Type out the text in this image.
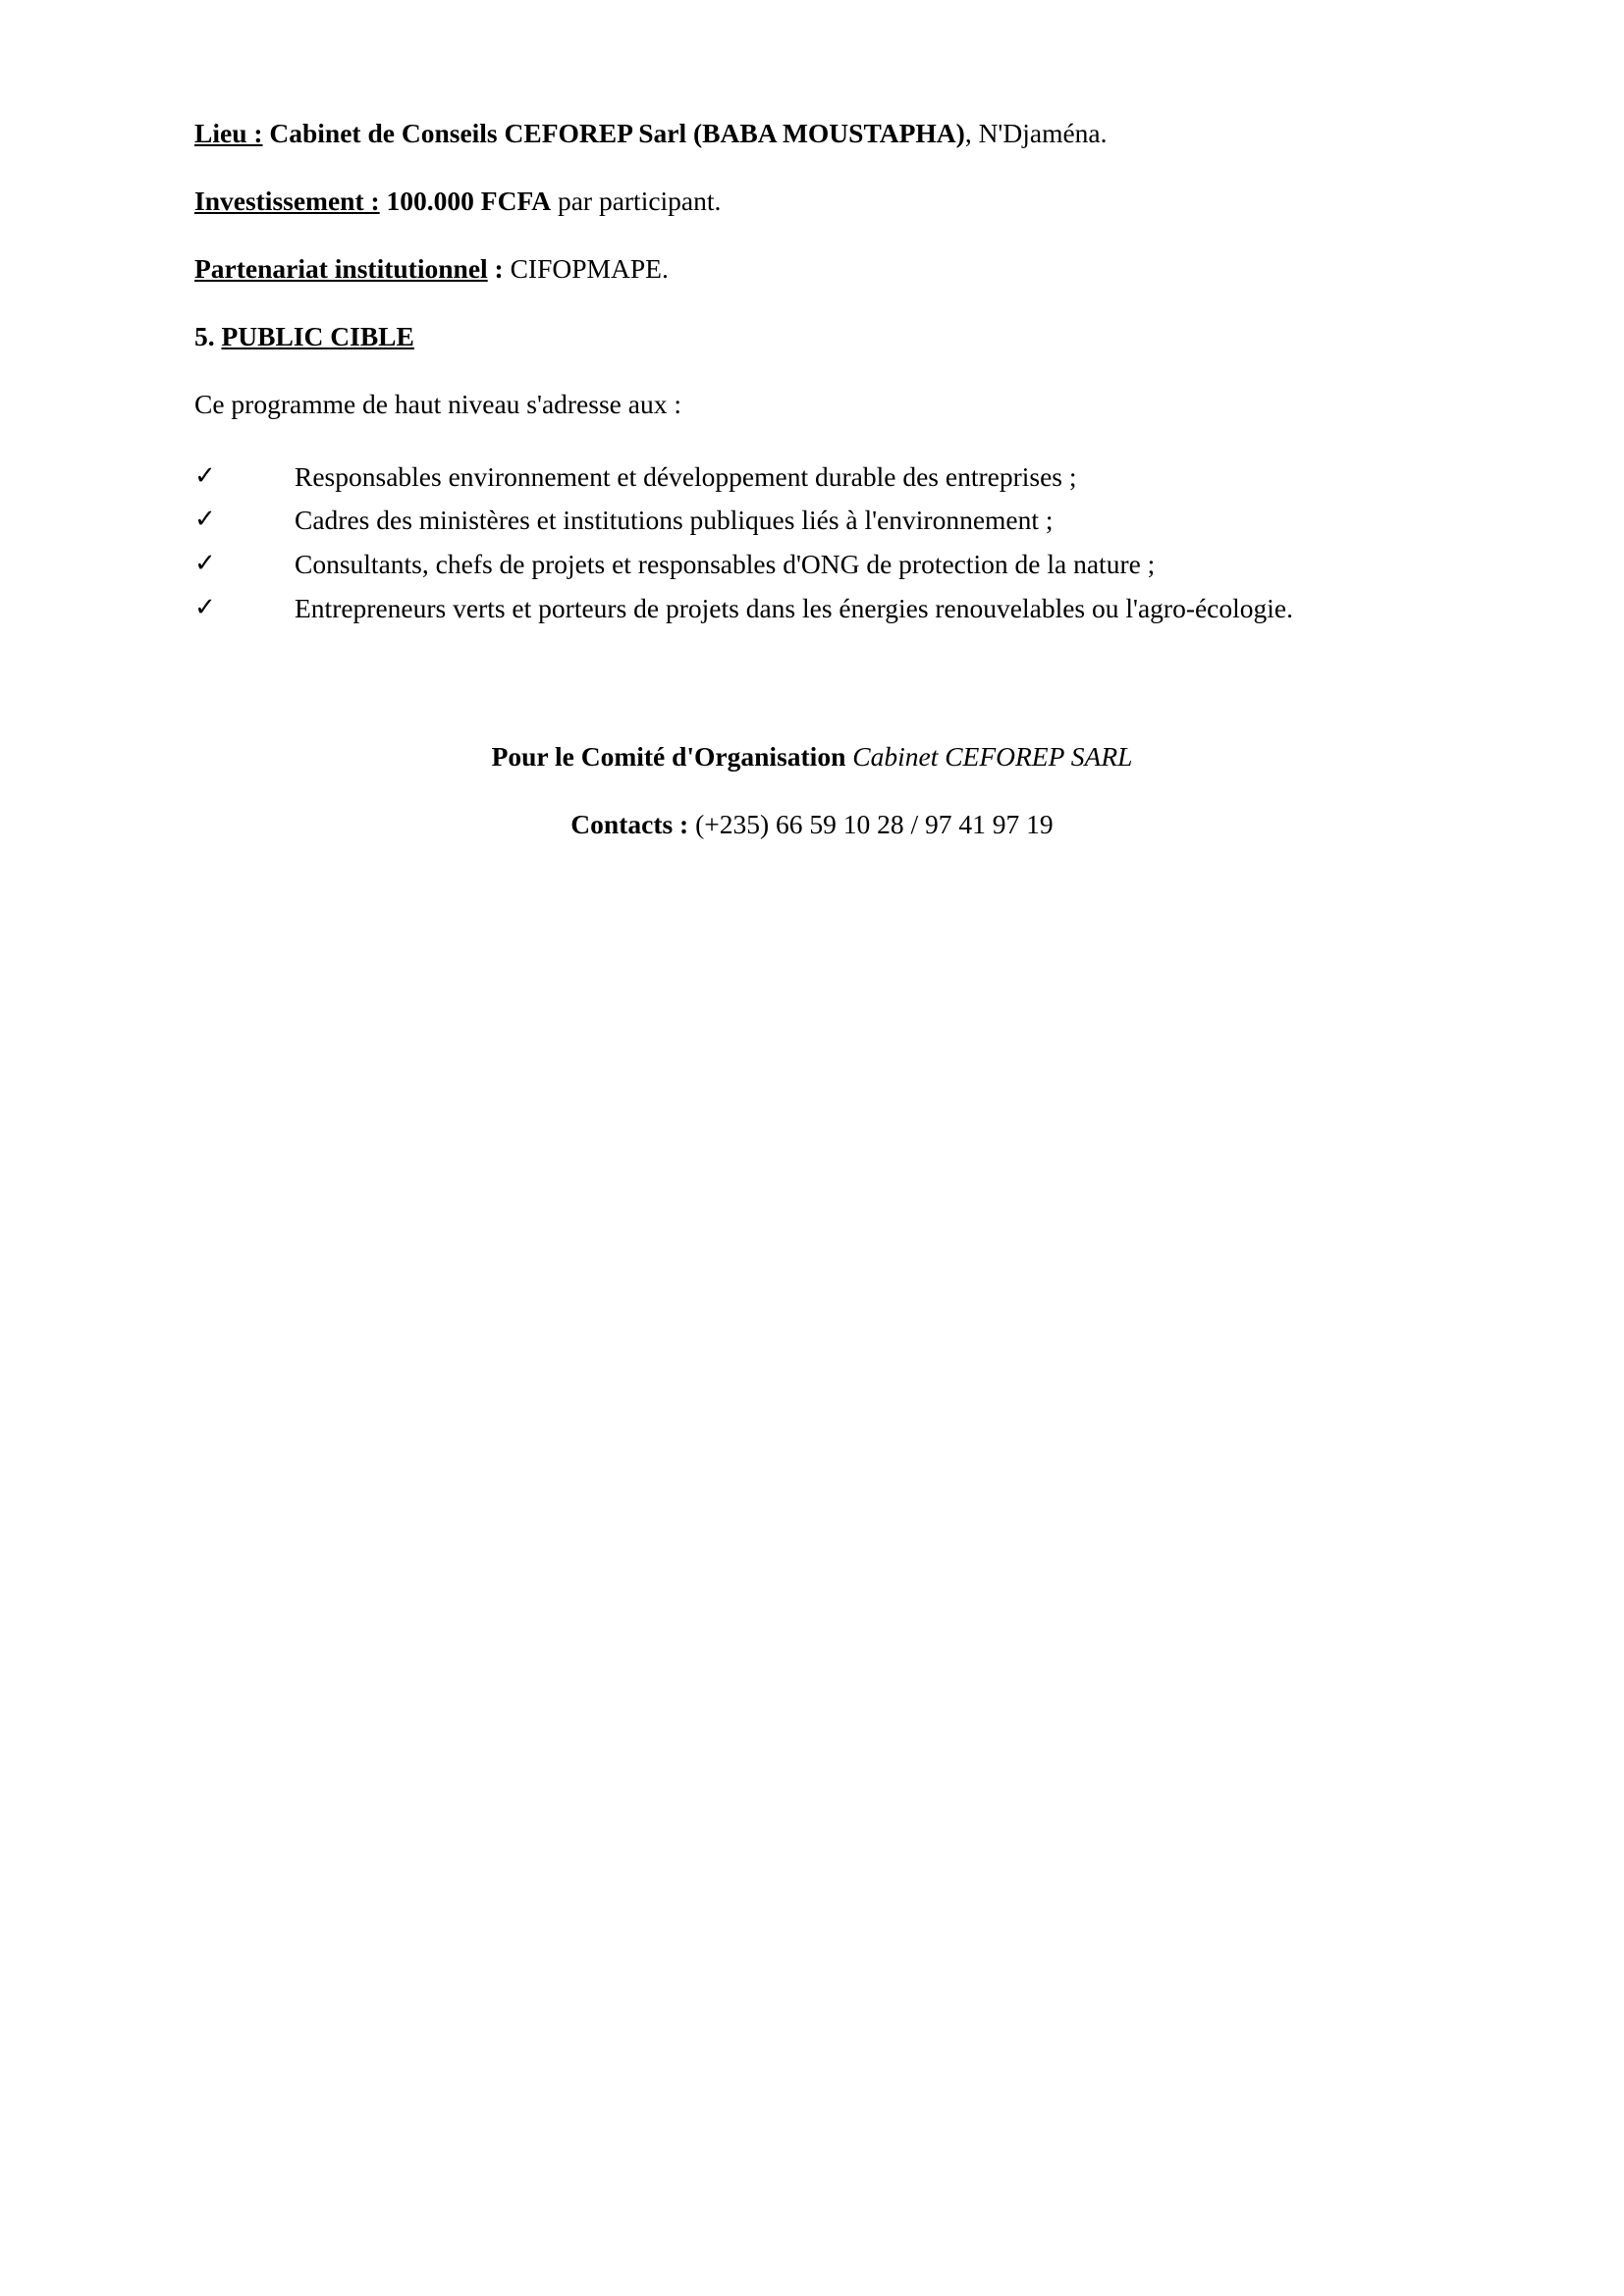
Lieu : Cabinet de Conseils CEFOREP Sarl (BABA MOUSTAPHA), N'Djaména.

Investissement : 100.000 FCFA par participant.

Partenariat institutionnel : CIFOPMAPE.

5. PUBLIC CIBLE

Ce programme de haut niveau s'adresse aux :

✓	Responsables environnement et développement durable des entreprises ;
✓	Cadres des ministères et institutions publiques liés à l'environnement ;
✓	Consultants, chefs de projets et responsables d'ONG de protection de la nature ;
✓	Entrepreneurs verts et porteurs de projets dans les énergies renouvelables ou l'agro-écologie.

Pour le Comité d'Organisation Cabinet CEFOREP SARL

Contacts : (+235) 66 59 10 28 / 97 41 97 19
